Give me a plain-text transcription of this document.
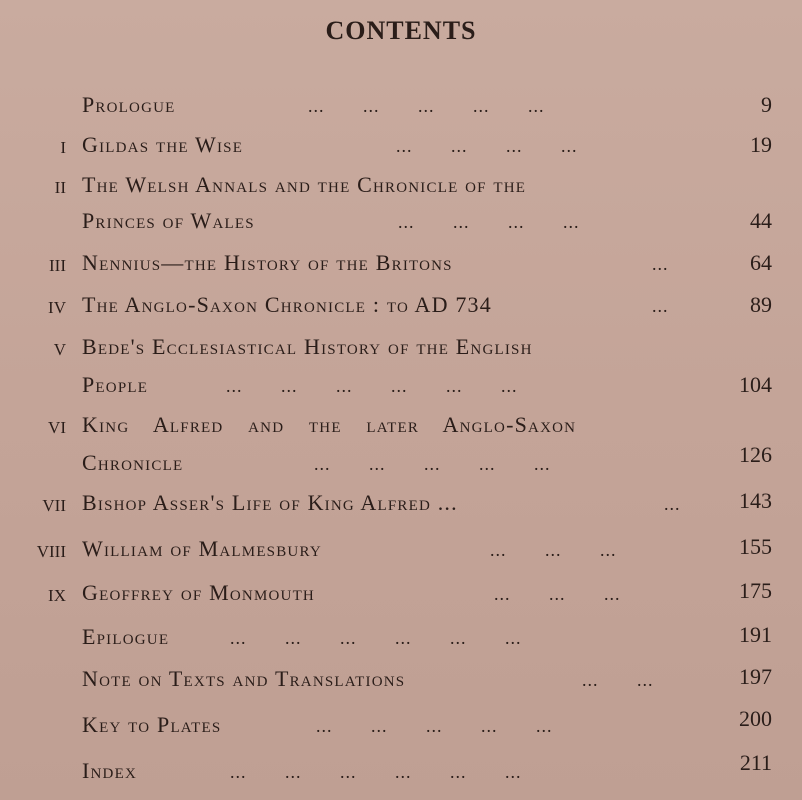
CONTENTS
Prologue	...       ...       ...       ...       ...	9
I Gildas the Wise	...       ...       ...       ...	19
II The Welsh Annals and the Chronicle of the
Princes of Wales	...       ...       ...       ...	44
III Nennius—the History of the Britons	...	64
IV The Anglo-Saxon Chronicle : to AD 734	...	89
V Bede's Ecclesiastical History of the English
People	...       ...       ...       ...       ...       ...	104
VI King Alfred and the later Anglo-Saxon
Chronicle	...       ...       ...       ...       ...	126
VII Bishop Asser's Life of King Alfred ...	...	143
VIII William of Malmesbury	...       ...       ...	155
IX Geoffrey of Monmouth	...       ...       ...	175
Epilogue	...       ...       ...       ...       ...       ...	191
Note on Texts and Translations	...       ...	197
Key to Plates	...       ...       ...       ...       ...	200
Index	...       ...       ...       ...       ...       ...	211
